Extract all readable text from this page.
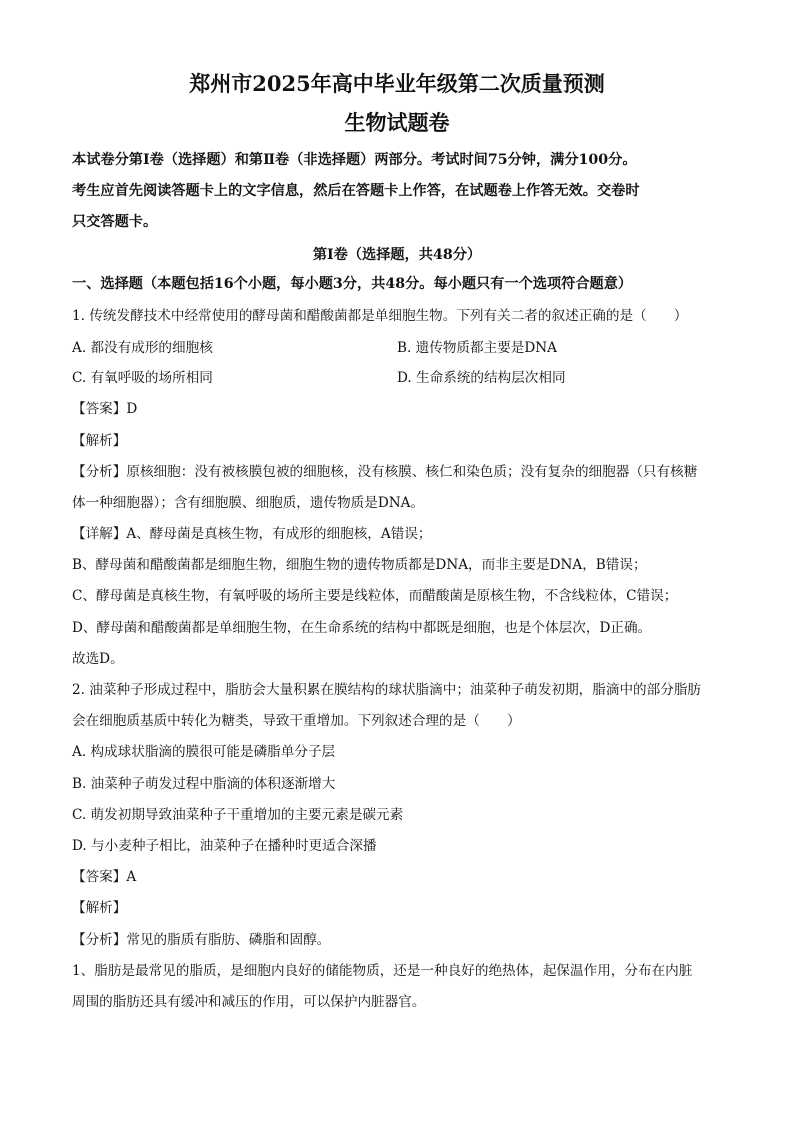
郑州市2025年高中毕业年级第二次质量预测
生物试题卷
本试卷分第Ⅰ卷（选择题）和第Ⅱ卷（非选择题）两部分。考试时间75分钟，满分100分。
考生应首先阅读答题卡上的文字信息，然后在答题卡上作答，在试题卷上作答无效。交卷时
只交答题卡。
第Ⅰ卷（选择题，共48分）
一、选择题（本题包括16个小题，每小题3分，共48分。每小题只有一个选项符合题意）
1. 传统发酵技术中经常使用的酵母菌和醋酸菌都是单细胞生物。下列有关二者的叙述正确的是（　　）
A. 都没有成形的细胞核	B. 遗传物质都主要是DNA
C. 有氧呼吸的场所相同	D. 生命系统的结构层次相同
【答案】D
【解析】
【分析】原核细胞：没有被核膜包被的细胞核，没有核膜、核仁和染色质；没有复杂的细胞器（只有核糖
体一种细胞器）；含有细胞膜、细胞质，遗传物质是DNA。
【详解】A、酵母菌是真核生物，有成形的细胞核，A错误；
B、酵母菌和醋酸菌都是细胞生物，细胞生物的遗传物质都是DNA，而非主要是DNA，B错误；
C、酵母菌是真核生物，有氧呼吸的场所主要是线粒体，而醋酸菌是原核生物，不含线粒体，C错误；
D、酵母菌和醋酸菌都是单细胞生物，在生命系统的结构中都既是细胞，也是个体层次，D正确。
故选D。
2. 油菜种子形成过程中，脂肪会大量积累在膜结构的球状脂滴中；油菜种子萌发初期，脂滴中的部分脂肪
会在细胞质基质中转化为糖类，导致干重增加。下列叙述合理的是（　　）
A. 构成球状脂滴的膜很可能是磷脂单分子层
B. 油菜种子萌发过程中脂滴的体积逐渐增大
C. 萌发初期导致油菜种子干重增加的主要元素是碳元素
D. 与小麦种子相比，油菜种子在播种时更适合深播
【答案】A
【解析】
【分析】常见的脂质有脂肪、磷脂和固醇。
1、脂肪是最常见的脂质，是细胞内良好的储能物质，还是一种良好的绝热体，起保温作用，分布在内脏
周围的脂肪还具有缓冲和减压的作用，可以保护内脏器官。
